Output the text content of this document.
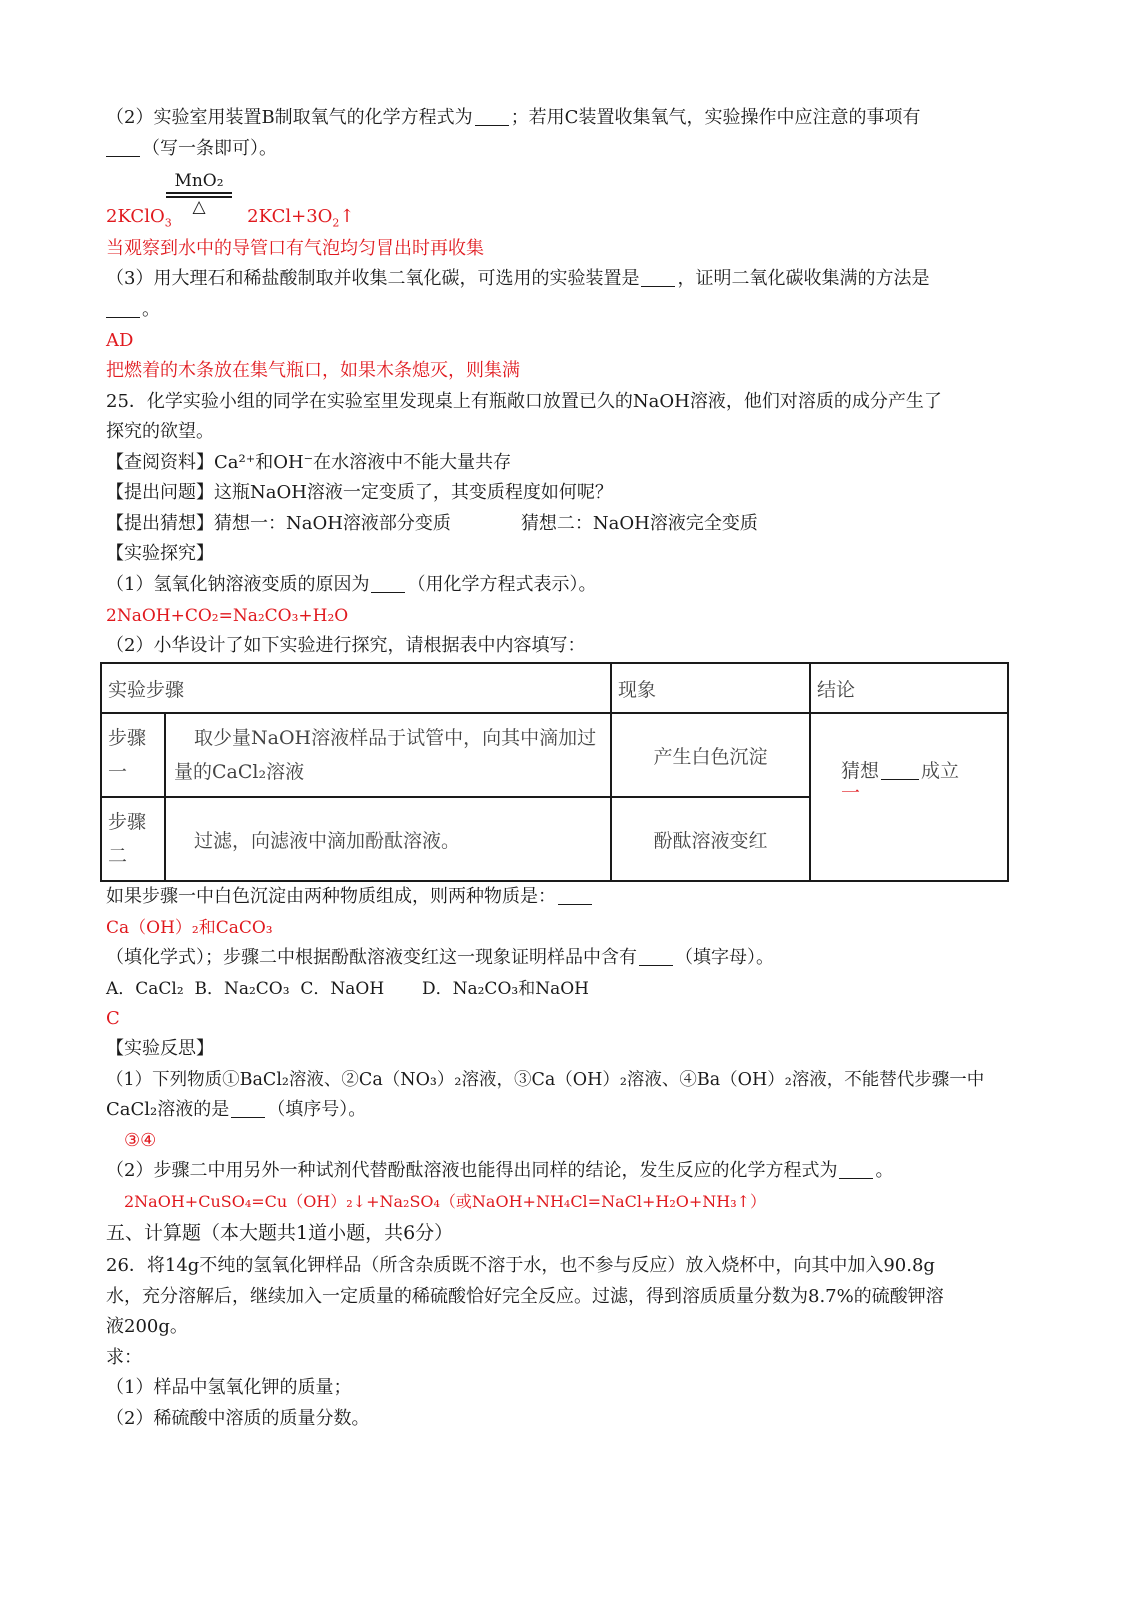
（2）实验室用装置B制取氧气的化学方程式为 ；若用C装置收集氧气，实验操作中应注意的事项有
（写一条即可）。
MnO₂
△
2KClO$_3$	$2KCl+3O_2↑$
当观察到水中的导管口有气泡均匀冒出时再收集
（3）用大理石和稀盐酸制取并收集二氧化碳，可选用的实验装置是 ，证明二氧化碳收集满的方法是
。
AD
把燃着的木条放在集气瓶口，如果木条熄灭，则集满
25．化学实验小组的同学在实验室里发现桌上有瓶敞口放置已久的NaOH溶液，他们对溶质的成分产生了
探究的欲望。
【查阅资料】Ca²⁺和OH⁻在水溶液中不能大量共存
【提出问题】这瓶NaOH溶液一定变质了，其变质程度如何呢？
【提出猜想】猜想一：NaOH溶液部分变质	猜想二：NaOH溶液完全变质
【实验探究】
（1）氢氧化钠溶液变质的原因为 （用化学方程式表示）。
2NaOH+CO₂=Na₂CO₃+H₂O
（2）小华设计了如下实验进行探究，请根据表中内容填写：
实验步骤		现象	结论
步骤一	取少量NaOH溶液样品于试管中，向其中滴加过量的CaCl₂溶液	产生白色沉淀	猜想 成立
一

步骤二	过滤，向滤液中滴加酚酞溶液。	酚酞溶液变红	
如果步骤一中白色沉淀由两种物质组成，则两种物质是：
Ca（OH）₂和CaCO₃
（填化学式）；步骤二中根据酚酞溶液变红这一现象证明样品中含有 （填字母）。
A．CaCl₂  B．Na₂CO₃  C．NaOH       D．Na₂CO₃和NaOH
C
【实验反思】
（1）下列物质①BaCl₂溶液、②Ca（NO₃）₂溶液，③Ca（OH）₂溶液、④Ba（OH）₂溶液，不能替代步骤一中
CaCl₂溶液的是 （填序号）。
③④
（2）步骤二中用另外一种试剂代替酚酞溶液也能得出同样的结论，发生反应的化学方程式为 。
2NaOH+CuSO₄=Cu（OH）₂↓+Na₂SO₄（或NaOH+NH₄Cl=NaCl+H₂O+NH₃↑）
五、计算题（本大题共1道小题，共6分）
26．将14g不纯的氢氧化钾样品（所含杂质既不溶于水，也不参与反应）放入烧杯中，向其中加入90.8g
水，充分溶解后，继续加入一定质量的稀硫酸恰好完全反应。过滤，得到溶质质量分数为8.7%的硫酸钾溶
液200g。
求：
（1）样品中氢氧化钾的质量；
（2）稀硫酸中溶质的质量分数。
